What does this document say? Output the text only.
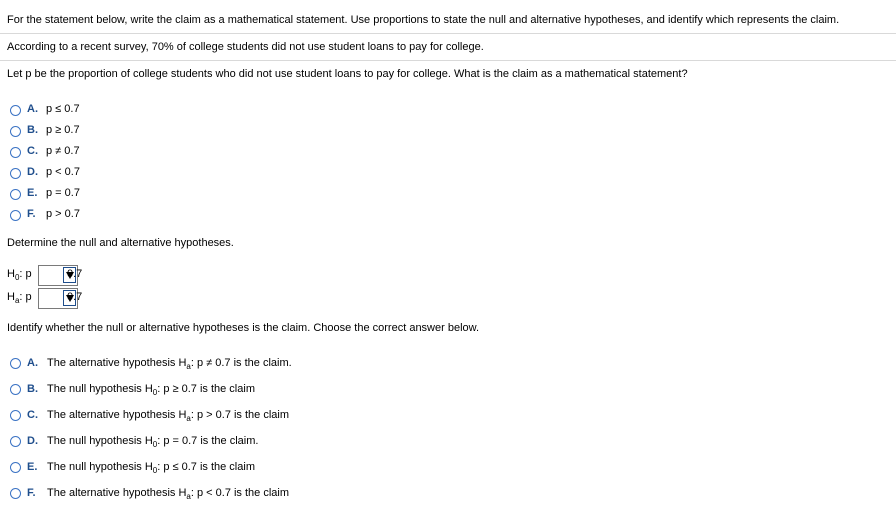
For the statement below, write the claim as a mathematical statement. Use proportions to state the null and alternative hypotheses, and identify which represents the claim.
According to a recent survey, 70% of college students did not use student loans to pay for college.
Let p be the proportion of college students who did not use student loans to pay for college. What is the claim as a mathematical statement?
A. p ≤ 0.7
B. p ≥ 0.7
C. p ≠ 0.7
D. p < 0.7
E. p = 0.7
F. p > 0.7
Determine the null and alternative hypotheses.
$H_0$: p	0.7
$H_a$: p	0.7
Identify whether the null or alternative hypotheses is the claim. Choose the correct answer below.
A. The alternative hypothesis $H_a$: p ≠ 0.7 is the claim.
B. The null hypothesis $H_0$: p ≥ 0.7 is the claim
C. The alternative hypothesis $H_a$: p > 0.7 is the claim
D. The null hypothesis $H_0$: p = 0.7 is the claim.
E. The null hypothesis $H_0$: p ≤ 0.7 is the claim
F. The alternative hypothesis $H_a$: p < 0.7 is the claim
